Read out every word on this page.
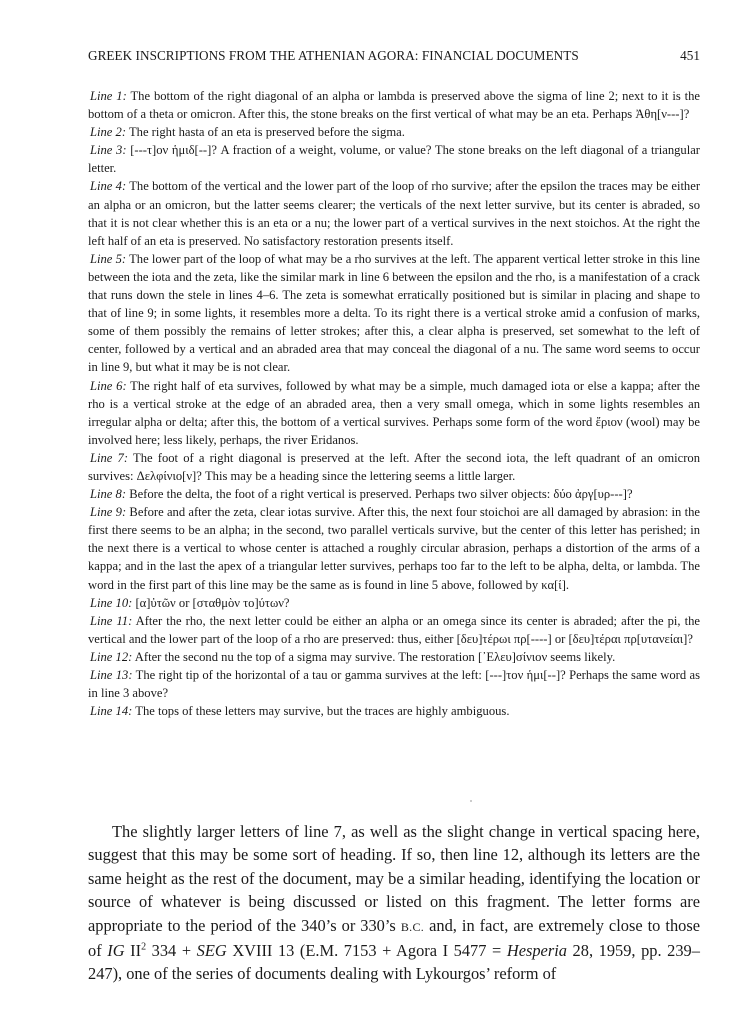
GREEK INSCRIPTIONS FROM THE ATHENIAN AGORA: FINANCIAL DOCUMENTS	451

Line 1: The bottom of the right diagonal of an alpha or lambda is preserved above the sigma of line 2; next to it is the bottom of a theta or omicron. After this, the stone breaks on the first vertical of what may be an eta. Perhaps Ἀθη[ν---]?

Line 2: The right hasta of an eta is preserved before the sigma.

Line 3: [---τ]ον ἡμιδ[--]? A fraction of a weight, volume, or value? The stone breaks on the left diagonal of a triangular letter.

Line 4: The bottom of the vertical and the lower part of the loop of rho survive; after the epsilon the traces may be either an alpha or an omicron, but the latter seems clearer; the verticals of the next letter survive, but its center is abraded, so that it is not clear whether this is an eta or a nu; the lower part of a vertical survives in the next stoichos. At the right the left half of an eta is preserved. No satisfactory restoration presents itself.

Line 5: The lower part of the loop of what may be a rho survives at the left. The apparent vertical letter stroke in this line between the iota and the zeta, like the similar mark in line 6 between the epsilon and the rho, is a manifestation of a crack that runs down the stele in lines 4–6. The zeta is somewhat erratically positioned but is similar in placing and shape to that of line 9; in some lights, it resembles more a delta. To its right there is a vertical stroke amid a confusion of marks, some of them possibly the remains of letter strokes; after this, a clear alpha is preserved, set somewhat to the left of center, followed by a vertical and an abraded area that may conceal the diagonal of a nu. The same word seems to occur in line 9, but what it may be is not clear.

Line 6: The right half of eta survives, followed by what may be a simple, much damaged iota or else a kappa; after the rho is a vertical stroke at the edge of an abraded area, then a very small omega, which in some lights resembles an irregular alpha or delta; after this, the bottom of a vertical survives. Perhaps some form of the word ἔριον (wool) may be involved here; less likely, perhaps, the river Eridanos.

Line 7: The foot of a right diagonal is preserved at the left. After the second iota, the left quadrant of an omicron survives: Δελφίνιο[ν]? This may be a heading since the lettering seems a little larger.

Line 8: Before the delta, the foot of a right vertical is preserved. Perhaps two silver objects: δύο ἀργ[υρ---]?

Line 9: Before and after the zeta, clear iotas survive. After this, the next four stoichoi are all damaged by abrasion: in the first there seems to be an alpha; in the second, two parallel verticals survive, but the center of this letter has perished; in the next there is a vertical to whose center is attached a roughly circular abrasion, perhaps a distortion of the arms of a kappa; and in the last the apex of a triangular letter survives, perhaps too far to the left to be alpha, delta, or lambda. The word in the first part of this line may be the same as is found in line 5 above, followed by κα[ί].

Line 10: [α]ὐτῶν or [σταθμὸν το]ύτων?

Line 11: After the rho, the next letter could be either an alpha or an omega since its center is abraded; after the pi, the vertical and the lower part of the loop of a rho are preserved: thus, either [δευ]τέρωι πρ[----] or [δευ]τέραι πρ[υτανείαι]?

Line 12: After the second nu the top of a sigma may survive. The restoration [᾽Ελευ]σίνιον seems likely.

Line 13: The right tip of the horizontal of a tau or gamma survives at the left: [---]τον ἡμι[--]? Perhaps the same word as in line 3 above?

Line 14: The tops of these letters may survive, but the traces are highly ambiguous.

The slightly larger letters of line 7, as well as the slight change in vertical spacing here, suggest that this may be some sort of heading. If so, then line 12, although its letters are the same height as the rest of the document, may be a similar heading, identifying the location or source of whatever is being discussed or listed on this fragment. The letter forms are appropriate to the period of the 340’s or 330’s B.C. and, in fact, are extremely close to those of IG $II^2$ 334 + SEG XVIII 13 (E.M. 7153 + Agora I 5477 = Hesperia 28, 1959, pp. 239–247), one of the series of documents dealing with Lykourgos’ reform of
